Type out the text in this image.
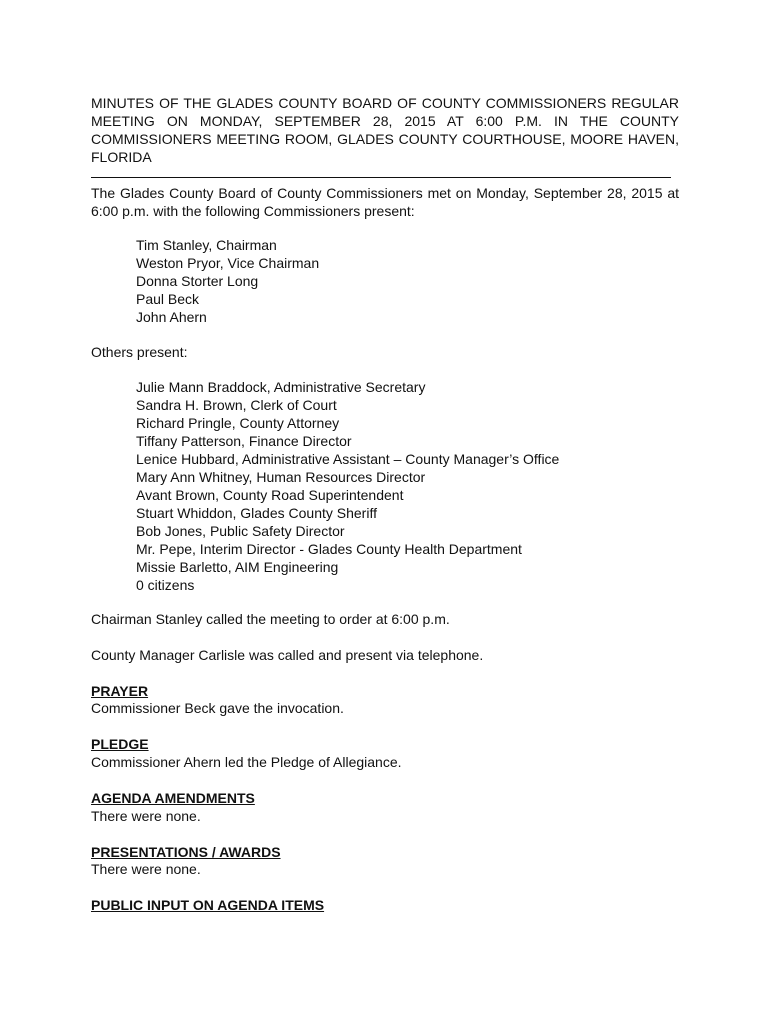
MINUTES OF THE GLADES COUNTY BOARD OF COUNTY COMMISSIONERS REGULAR MEETING ON MONDAY, SEPTEMBER 28, 2015 AT 6:00 P.M. IN THE COUNTY COMMISSIONERS MEETING ROOM, GLADES COUNTY COURTHOUSE, MOORE HAVEN, FLORIDA

The Glades County Board of County Commissioners met on Monday, September 28, 2015 at 6:00 p.m. with the following Commissioners present:

Tim Stanley, Chairman
Weston Pryor, Vice Chairman
Donna Storter Long
Paul Beck
John Ahern

Others present:

Julie Mann Braddock, Administrative Secretary
Sandra H. Brown, Clerk of Court
Richard Pringle, County Attorney
Tiffany Patterson, Finance Director
Lenice Hubbard, Administrative Assistant – County Manager’s Office
Mary Ann Whitney, Human Resources Director
Avant Brown, County Road Superintendent
Stuart Whiddon, Glades County Sheriff
Bob Jones, Public Safety Director
Mr. Pepe, Interim Director - Glades County Health Department
Missie Barletto, AIM Engineering
0 citizens

Chairman Stanley called the meeting to order at 6:00 p.m.

County Manager Carlisle was called and present via telephone.

PRAYER

Commissioner Beck gave the invocation.

PLEDGE

Commissioner Ahern led the Pledge of Allegiance.

AGENDA AMENDMENTS

There were none.

PRESENTATIONS / AWARDS

There were none.

PUBLIC INPUT ON AGENDA ITEMS
